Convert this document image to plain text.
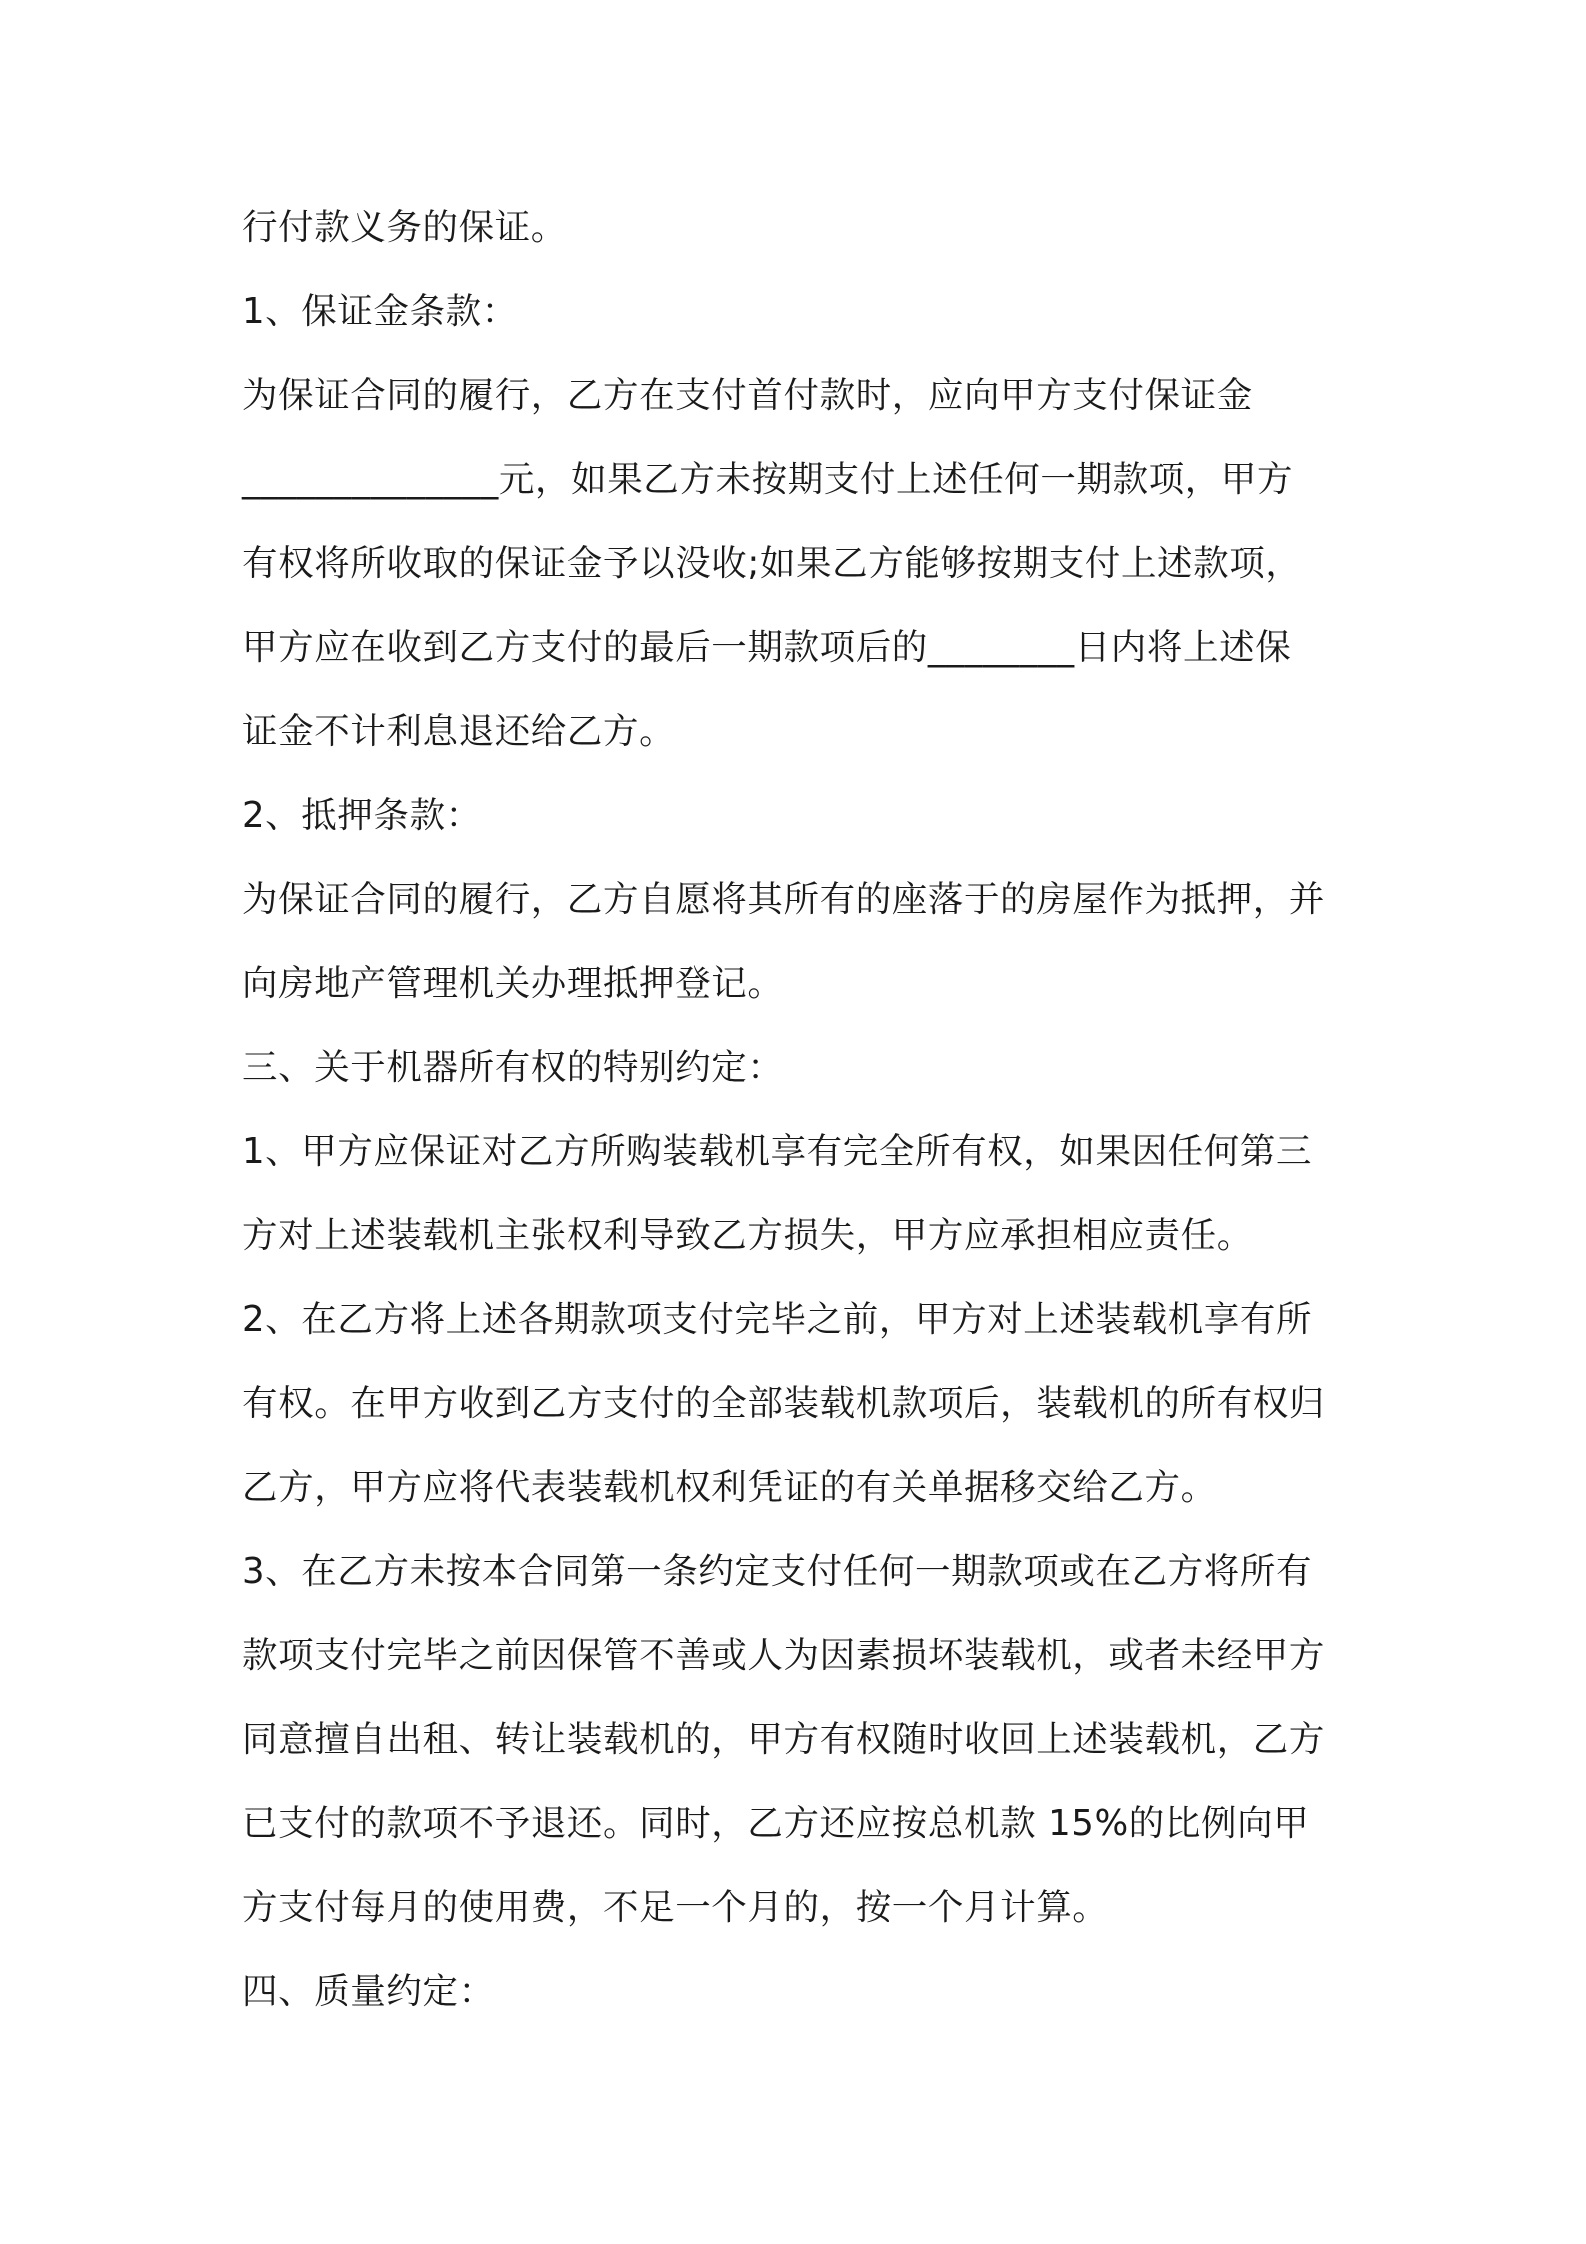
行付款义务的保证。

1、保证金条款：

为保证合同的履行，乙方在支付首付款时，应向甲方支付保证金

______________元，如果乙方未按期支付上述任何一期款项，甲方

有权将所收取的保证金予以没收;如果乙方能够按期支付上述款项，

甲方应在收到乙方支付的最后一期款项后的________日内将上述保

证金不计利息退还给乙方。

2、抵押条款：

为保证合同的履行，乙方自愿将其所有的座落于的房屋作为抵押，并

向房地产管理机关办理抵押登记。

三、关于机器所有权的特别约定：

1、甲方应保证对乙方所购装载机享有完全所有权，如果因任何第三

方对上述装载机主张权利导致乙方损失，甲方应承担相应责任。

2、在乙方将上述各期款项支付完毕之前，甲方对上述装载机享有所

有权。在甲方收到乙方支付的全部装载机款项后，装载机的所有权归

乙方，甲方应将代表装载机权利凭证的有关单据移交给乙方。

3、在乙方未按本合同第一条约定支付任何一期款项或在乙方将所有

款项支付完毕之前因保管不善或人为因素损坏装载机，或者未经甲方

同意擅自出租、转让装载机的，甲方有权随时收回上述装载机，乙方

已支付的款项不予退还。同时，乙方还应按总机款 15%的比例向甲

方支付每月的使用费，不足一个月的，按一个月计算。

四、质量约定：
